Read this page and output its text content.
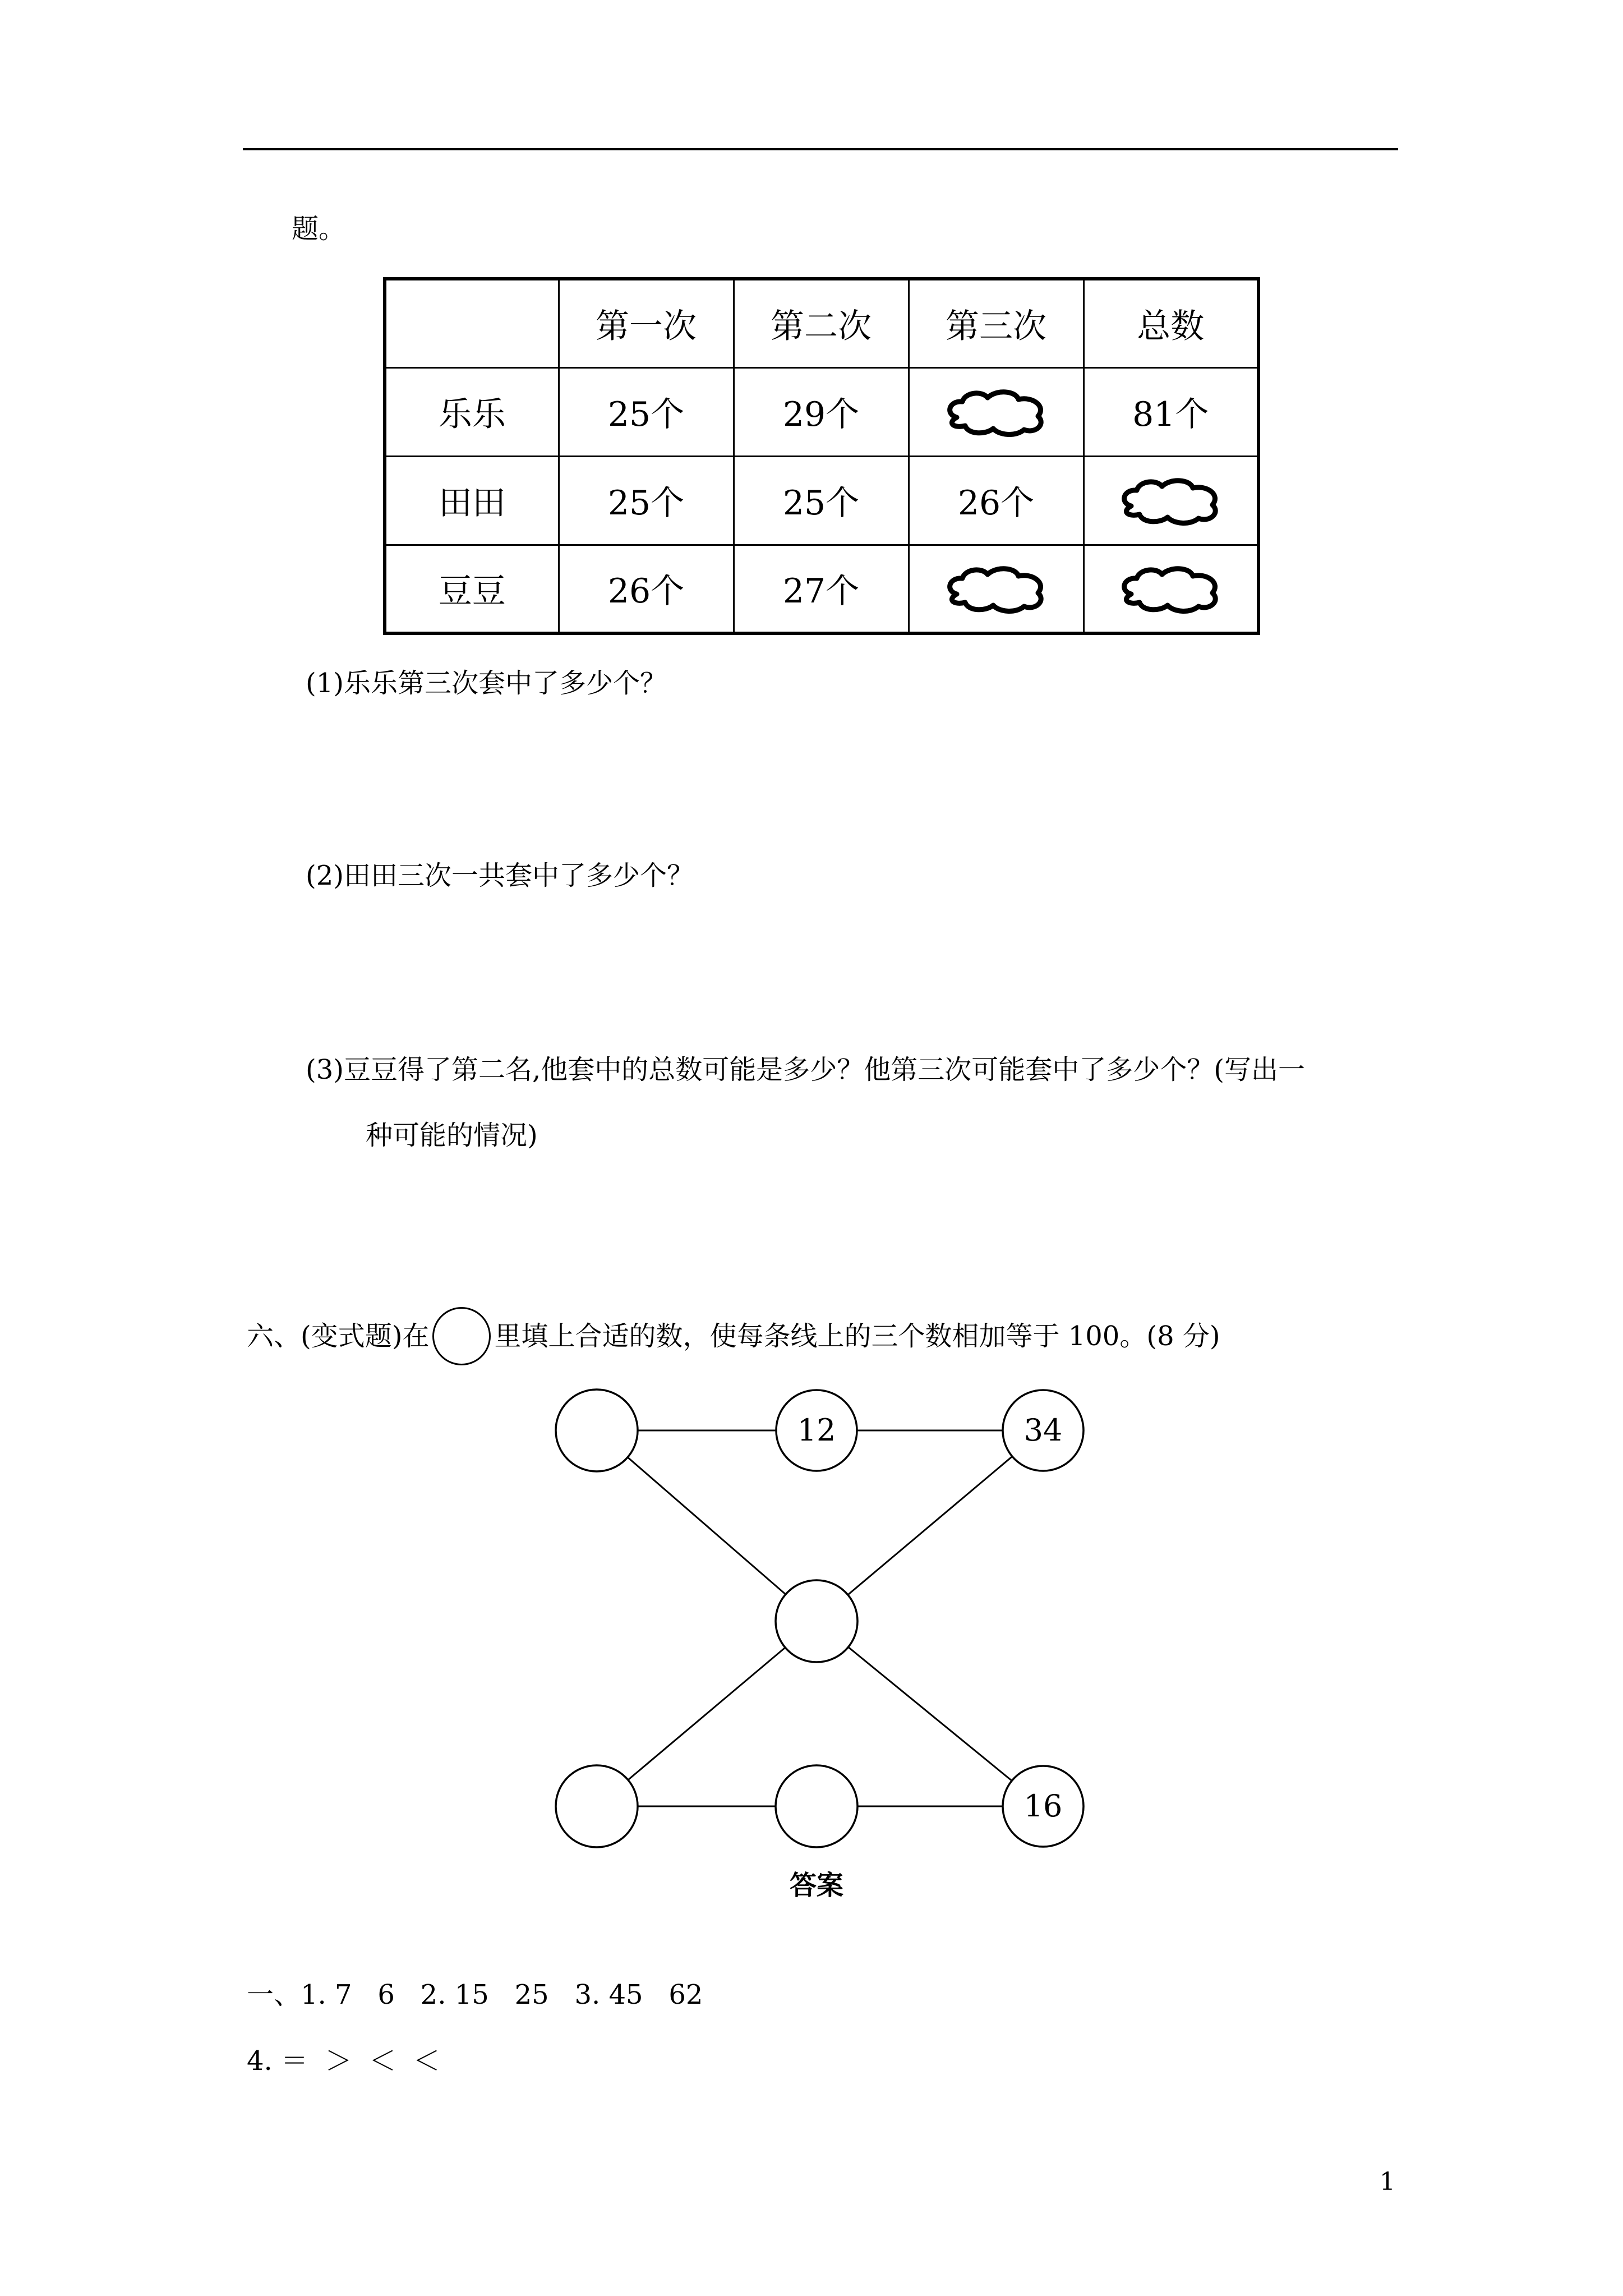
题。
	第一次	第二次	第三次	总数
乐乐	25个	29个		81个
田田	25个	25个	26个	

豆豆	26个	27个	

(1)乐乐第三次套中了多少个？
(2)田田三次一共套中了多少个？
(3)豆豆得了第二名,他套中的总数可能是多少？他第三次可能套中了多少个？(写出一
种可能的情况)
六、(变式题)在 里填上合适的数，使每条线上的三个数相加等于 100。(8 分)
12	34
16
答案
一、1. 7   6   2. 15   25   3. 45   62
4. ＝  ＞  ＜  ＜
1
